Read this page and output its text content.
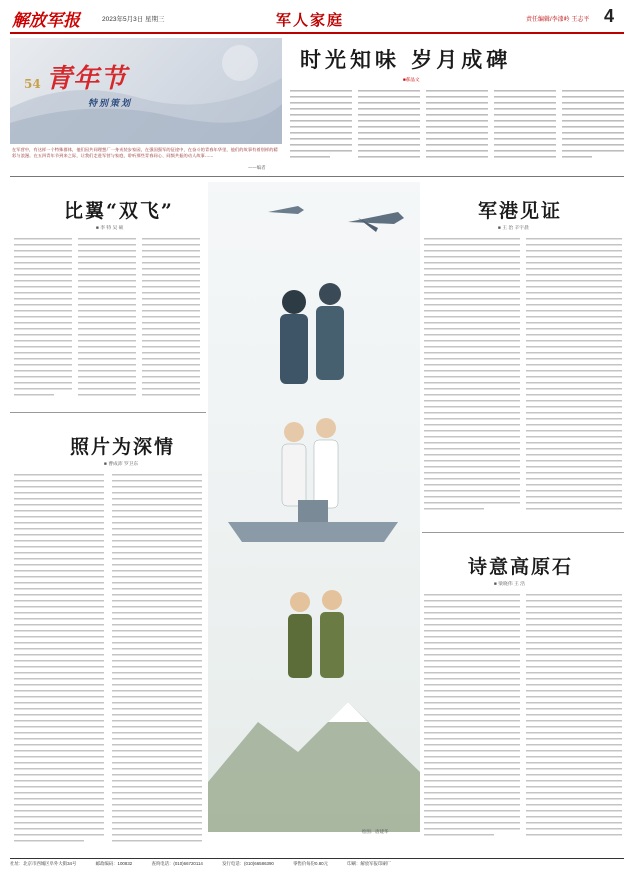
解放军报	2023年5月3日 星期三	军人家庭	责任编辑/李漆岭 王志平 4
54 青年节
特别策划
在军营中，有这样一个特殊群体，他们因共同理想厂一身戎装步家园，在强国强军的征途中，在奋斗的青春年华里，他们的故事有着别样的精彩与浪漫。在五四青年节到来之际，让我们走进军营与家庭，聆听那些青春同心、同频共振的动人故事……
——编者
时光知味 岁月成碑
■郝晶文
比翼“双飞”
■ 李 特 吴 硕
绘图：唐建华
军港见证
■ 王 治 辛宇晨
照片为深情
■ 曹成沛 罗卫东
诗意高原石
■ 梁晓伟 王 浩
社址：北京市西城区阜外大街34号	邮政编码：100832	查询电话：(010)66720114	发行电话：(010)66586390	零售价每份0.80元	印刷：解放军报印刷厂
